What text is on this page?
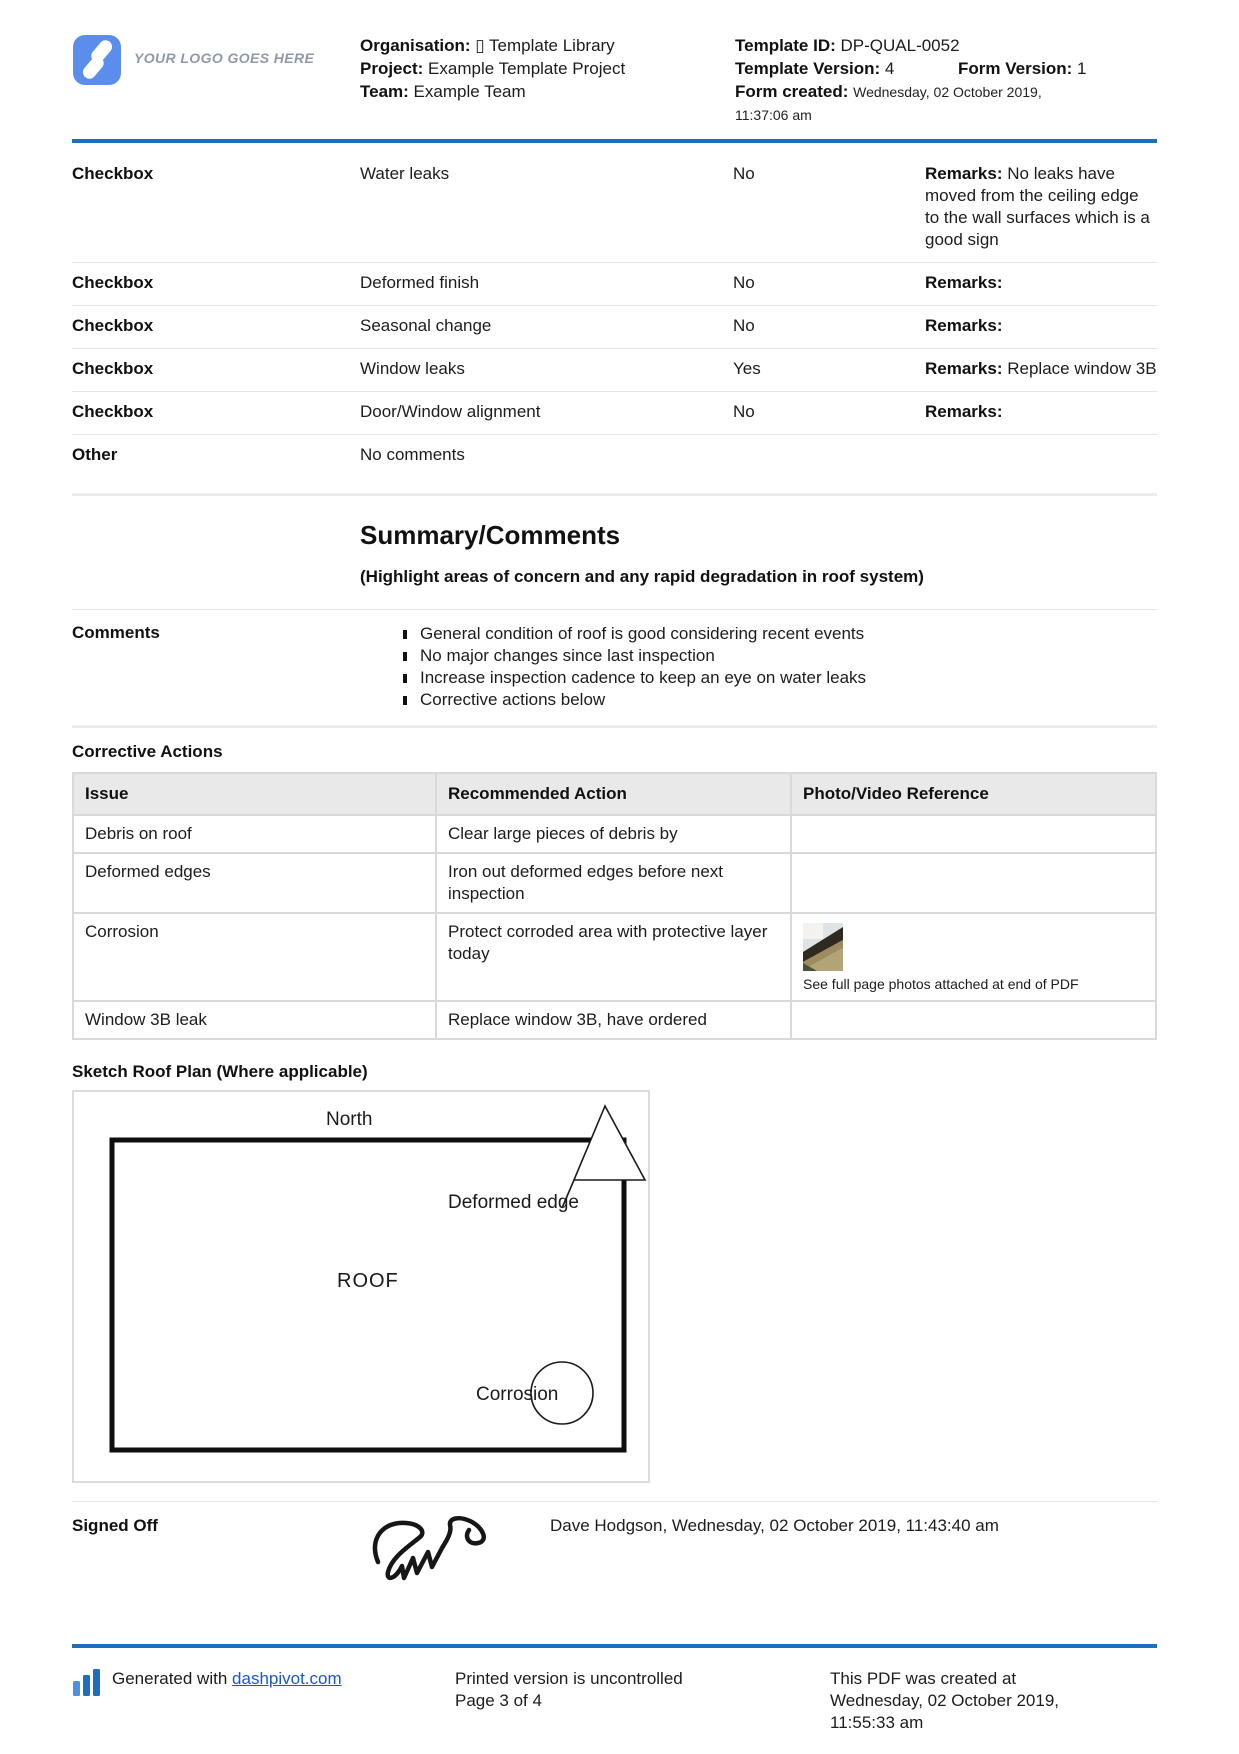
YOUR LOGO GOES HERE
Organisation: ▯ Template Library
Project: Example Template Project
Team: Example Team
Template ID: DP-QUAL-0052
Template Version: 4	Form Version: 1
Form created: Wednesday, 02 October 2019,
11:37:06 am
Checkbox	Water leaks	No	Remarks: No leaks have moved from the ceiling edge to the wall surfaces which is a good sign
Checkbox	Deformed finish	No	Remarks:
Checkbox	Seasonal change	No	Remarks:
Checkbox	Window leaks	Yes	Remarks: Replace window 3B
Checkbox	Door/Window alignment	No	Remarks:
Other	No comments
Summary/Comments
(Highlight areas of concern and any rapid degradation in roof system)
Comments	General condition of roof is good considering recent events
No major changes since last inspection
Increase inspection cadence to keep an eye on water leaks
Corrective actions below
Corrective Actions
Issue	Recommended Action	Photo/Video Reference
Debris on roof	Clear large pieces of debris by	
Deformed edges	Iron out deformed edges before next inspection	
Corrosion	Protect corroded area with protective layer today	See full page photos attached at end of PDF

Window 3B leak	Replace window 3B, have ordered	
Sketch Roof Plan (Where applicable)
North
Deformed edge
ROOF
Corrosion
Signed Off	Dave Hodgson, Wednesday, 02 October 2019, 11:43:40 am
Generated with dashpivot.com	Printed version is uncontrolled
Page 3 of 4
This PDF was created at
Wednesday, 02 October 2019,
11:55:33 am
